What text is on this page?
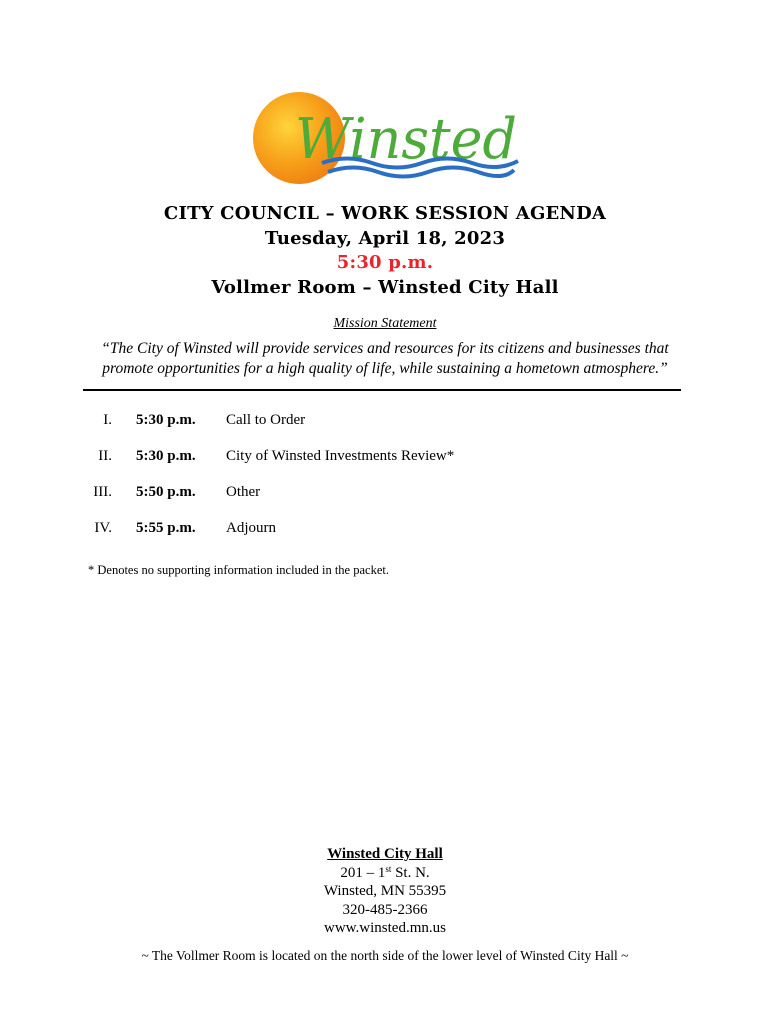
Winsted
CITY COUNCIL – WORK SESSION AGENDA
Tuesday, April 18, 2023
5:30 p.m.
Vollmer Room – Winsted City Hall
Mission Statement
“The City of Winsted will provide services and resources for its citizens and businesses that
promote opportunities for a high quality of life, while sustaining a hometown atmosphere.”
I. 5:30 p.m. Call to Order
II. 5:30 p.m. City of Winsted Investments Review*
III. 5:50 p.m. Other
IV. 5:55 p.m. Adjourn
* Denotes no supporting information included in the packet.
Winsted City Hall
201 – 1st St. N.
Winsted, MN 55395
320-485-2366
www.winsted.mn.us
~ The Vollmer Room is located on the north side of the lower level of Winsted City Hall ~
